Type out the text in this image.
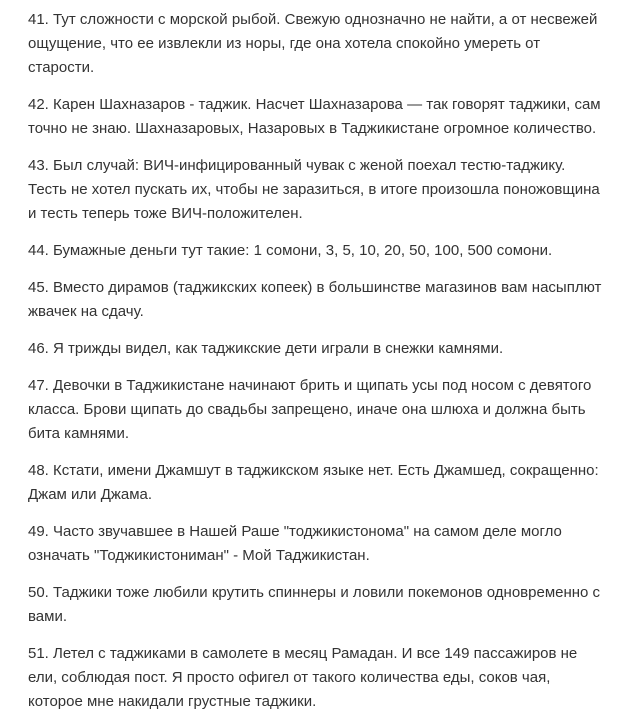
41. Тут сложности с морской рыбой. Свежую однозначно не найти, а от несвежей ощущение, что ее извлекли из норы, где она хотела спокойно умереть от старости.

42. Карен Шахназаров - таджик. Насчет Шахназарова — так говорят таджики, сам точно не знаю. Шахназаровых, Назаровых в Таджикистане огромное количество.

43. Был случай: ВИЧ-инфицированный чувак с женой поехал тестю-таджику. Тесть не хотел пускать их, чтобы не заразиться, в итоге произошла поножовщина и тесть теперь тоже ВИЧ-положителен.

44. Бумажные деньги тут такие: 1 сомони, 3, 5, 10, 20, 50, 100, 500 сомони.

45. Вместо дирамов (таджикских копеек) в большинстве магазинов вам насыплют жвачек на сдачу.

46. Я трижды видел, как таджикские дети играли в снежки камнями.

47. Девочки в Таджикистане начинают брить и щипать усы под носом с девятого класса. Брови щипать до свадьбы запрещено, иначе она шлюха и должна быть бита камнями.

48. Кстати, имени Джамшут в таджикском языке нет. Есть Джамшед, сокращенно: Джам или Джама.

49. Часто звучавшее в Нашей Раше "тоджикистонома" на самом деле могло означать "Тоджикистониман" - Мой Таджикистан.

50. Таджики тоже любили крутить спиннеры и ловили покемонов одновременно с вами.

51. Летел с таджиками в самолете в месяц Рамадан. И все 149 пассажиров не ели, соблюдая пост. Я просто офигел от такого количества еды, соков чая, которое мне накидали грустные таджики.
